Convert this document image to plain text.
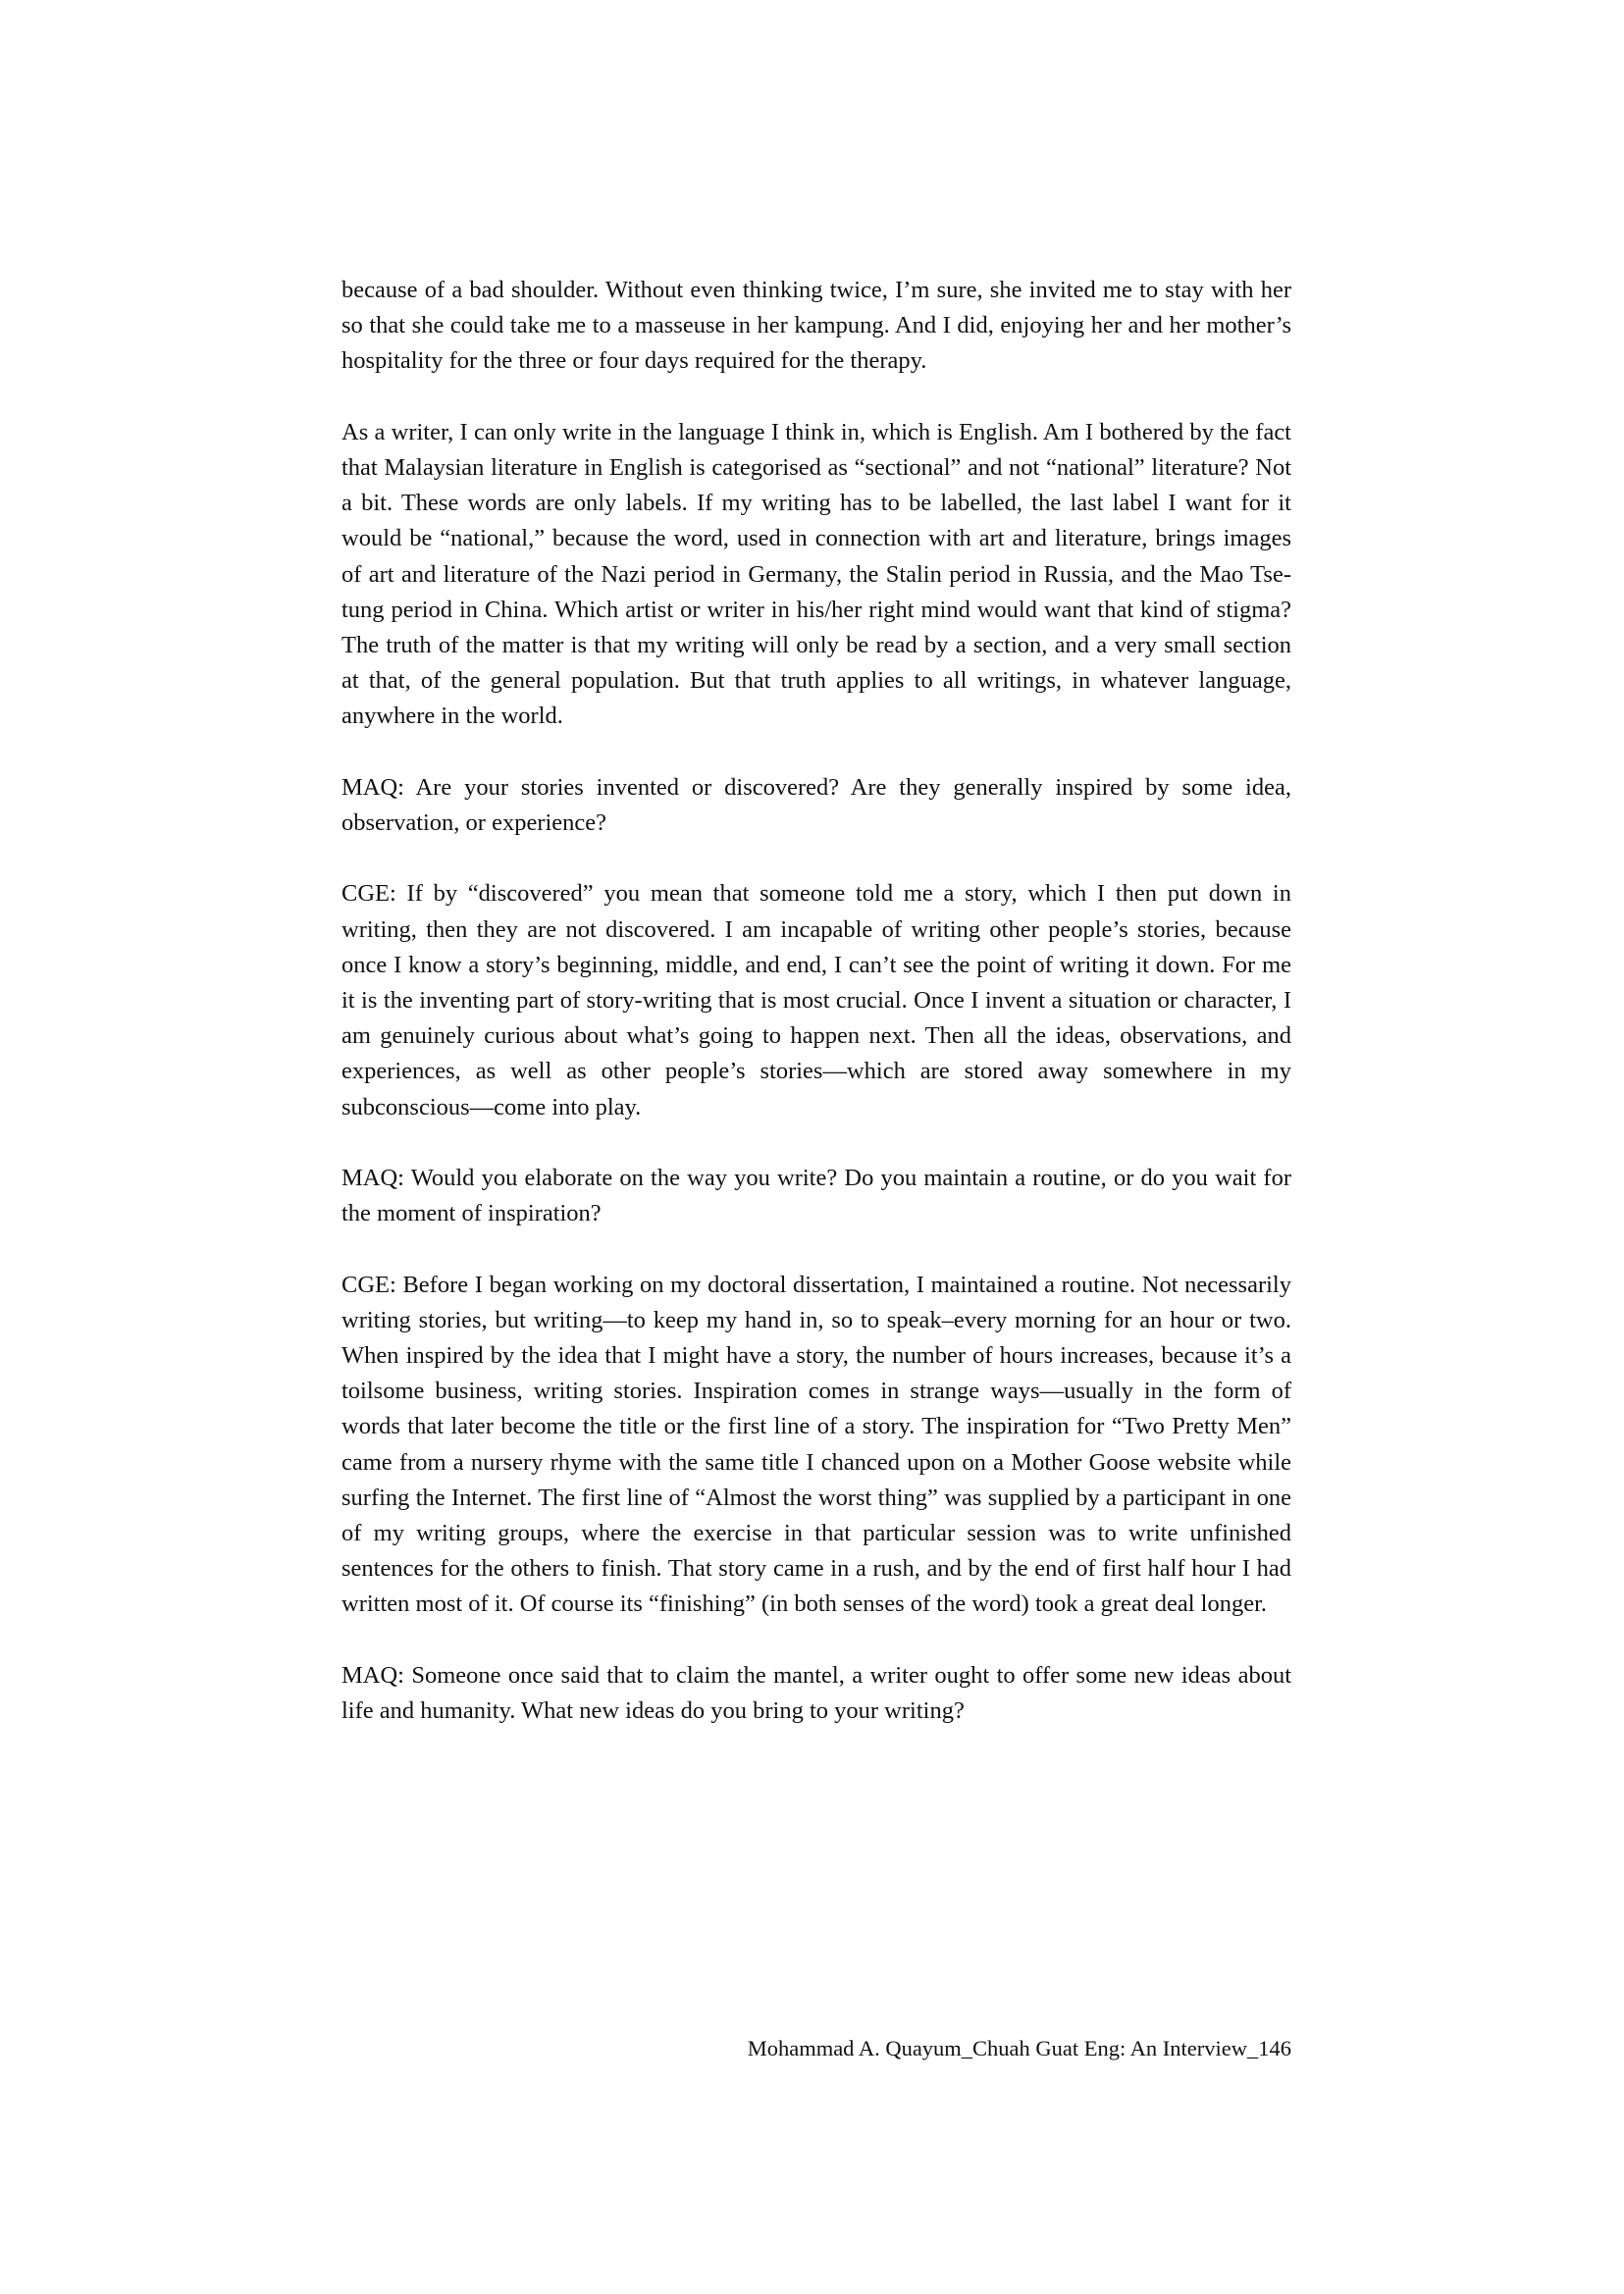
because of a bad shoulder. Without even thinking twice, I’m sure, she invited me to stay with her so that she could take me to a masseuse in her kampung. And I did, enjoying her and her mother’s hospitality for the three or four days required for the therapy.

As a writer, I can only write in the language I think in, which is English. Am I bothered by the fact that Malaysian literature in English is categorised as “sectional” and not “national” literature? Not a bit. These words are only labels. If my writing has to be labelled, the last label I want for it would be “national,” because the word, used in connection with art and literature, brings images of art and literature of the Nazi period in Germany, the Stalin period in Russia, and the Mao Tse-tung period in China. Which artist or writer in his/her right mind would want that kind of stigma? The truth of the matter is that my writing will only be read by a section, and a very small section at that, of the general population. But that truth applies to all writings, in whatever language, anywhere in the world.

MAQ: Are your stories invented or discovered? Are they generally inspired by some idea, observation, or experience?

CGE: If by “discovered” you mean that someone told me a story, which I then put down in writing, then they are not discovered. I am incapable of writing other people’s stories, because once I know a story’s beginning, middle, and end, I can’t see the point of writing it down. For me it is the inventing part of story-writing that is most crucial. Once I invent a situation or character, I am genuinely curious about what’s going to happen next. Then all the ideas, observations, and experiences, as well as other people’s stories—which are stored away somewhere in my subconscious—come into play.

MAQ: Would you elaborate on the way you write? Do you maintain a routine, or do you wait for the moment of inspiration?

CGE: Before I began working on my doctoral dissertation, I maintained a routine. Not necessarily writing stories, but writing—to keep my hand in, so to speak–every morning for an hour or two. When inspired by the idea that I might have a story, the number of hours increases, because it’s a toilsome business, writing stories. Inspiration comes in strange ways—usually in the form of words that later become the title or the first line of a story. The inspiration for “Two Pretty Men” came from a nursery rhyme with the same title I chanced upon on a Mother Goose website while surfing the Internet. The first line of “Almost the worst thing” was supplied by a participant in one of my writing groups, where the exercise in that particular session was to write unfinished sentences for the others to finish. That story came in a rush, and by the end of first half hour I had written most of it. Of course its “finishing” (in both senses of the word) took a great deal longer.

MAQ: Someone once said that to claim the mantel, a writer ought to offer some new ideas about life and humanity. What new ideas do you bring to your writing?

Mohammad A. Quayum_Chuah Guat Eng: An Interview_146
